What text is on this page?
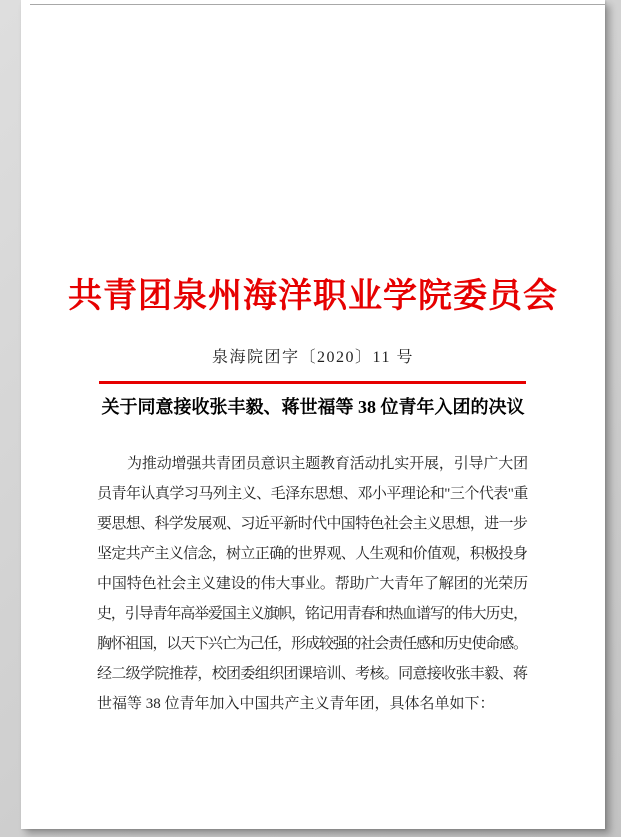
共青团泉州海洋职业学院委员会
泉海院团字〔2020〕11 号
关于同意接收张丰毅、蒋世福等 38 位青年入团的决议
为推动增强共青团员意识主题教育活动扎实开展，引导广大团
员青年认真学习马列主义、毛泽东思想、邓小平理论和"三个代表"重
要思想、科学发展观、习近平新时代中国特色社会主义思想，进一步
坚定共产主义信念，树立正确的世界观、人生观和价值观，积极投身
中国特色社会主义建设的伟大事业。帮助广大青年了解团的光荣历
史，引导青年高举爱国主义旗帜，铭记用青春和热血谱写的伟大历史，
胸怀祖国，以天下兴亡为己任，形成较强的社会责任感和历史使命感。
经二级学院推荐，校团委组织团课培训、考核。同意接收张丰毅、蒋
世福等 38 位青年加入中国共产主义青年团，具体名单如下：
